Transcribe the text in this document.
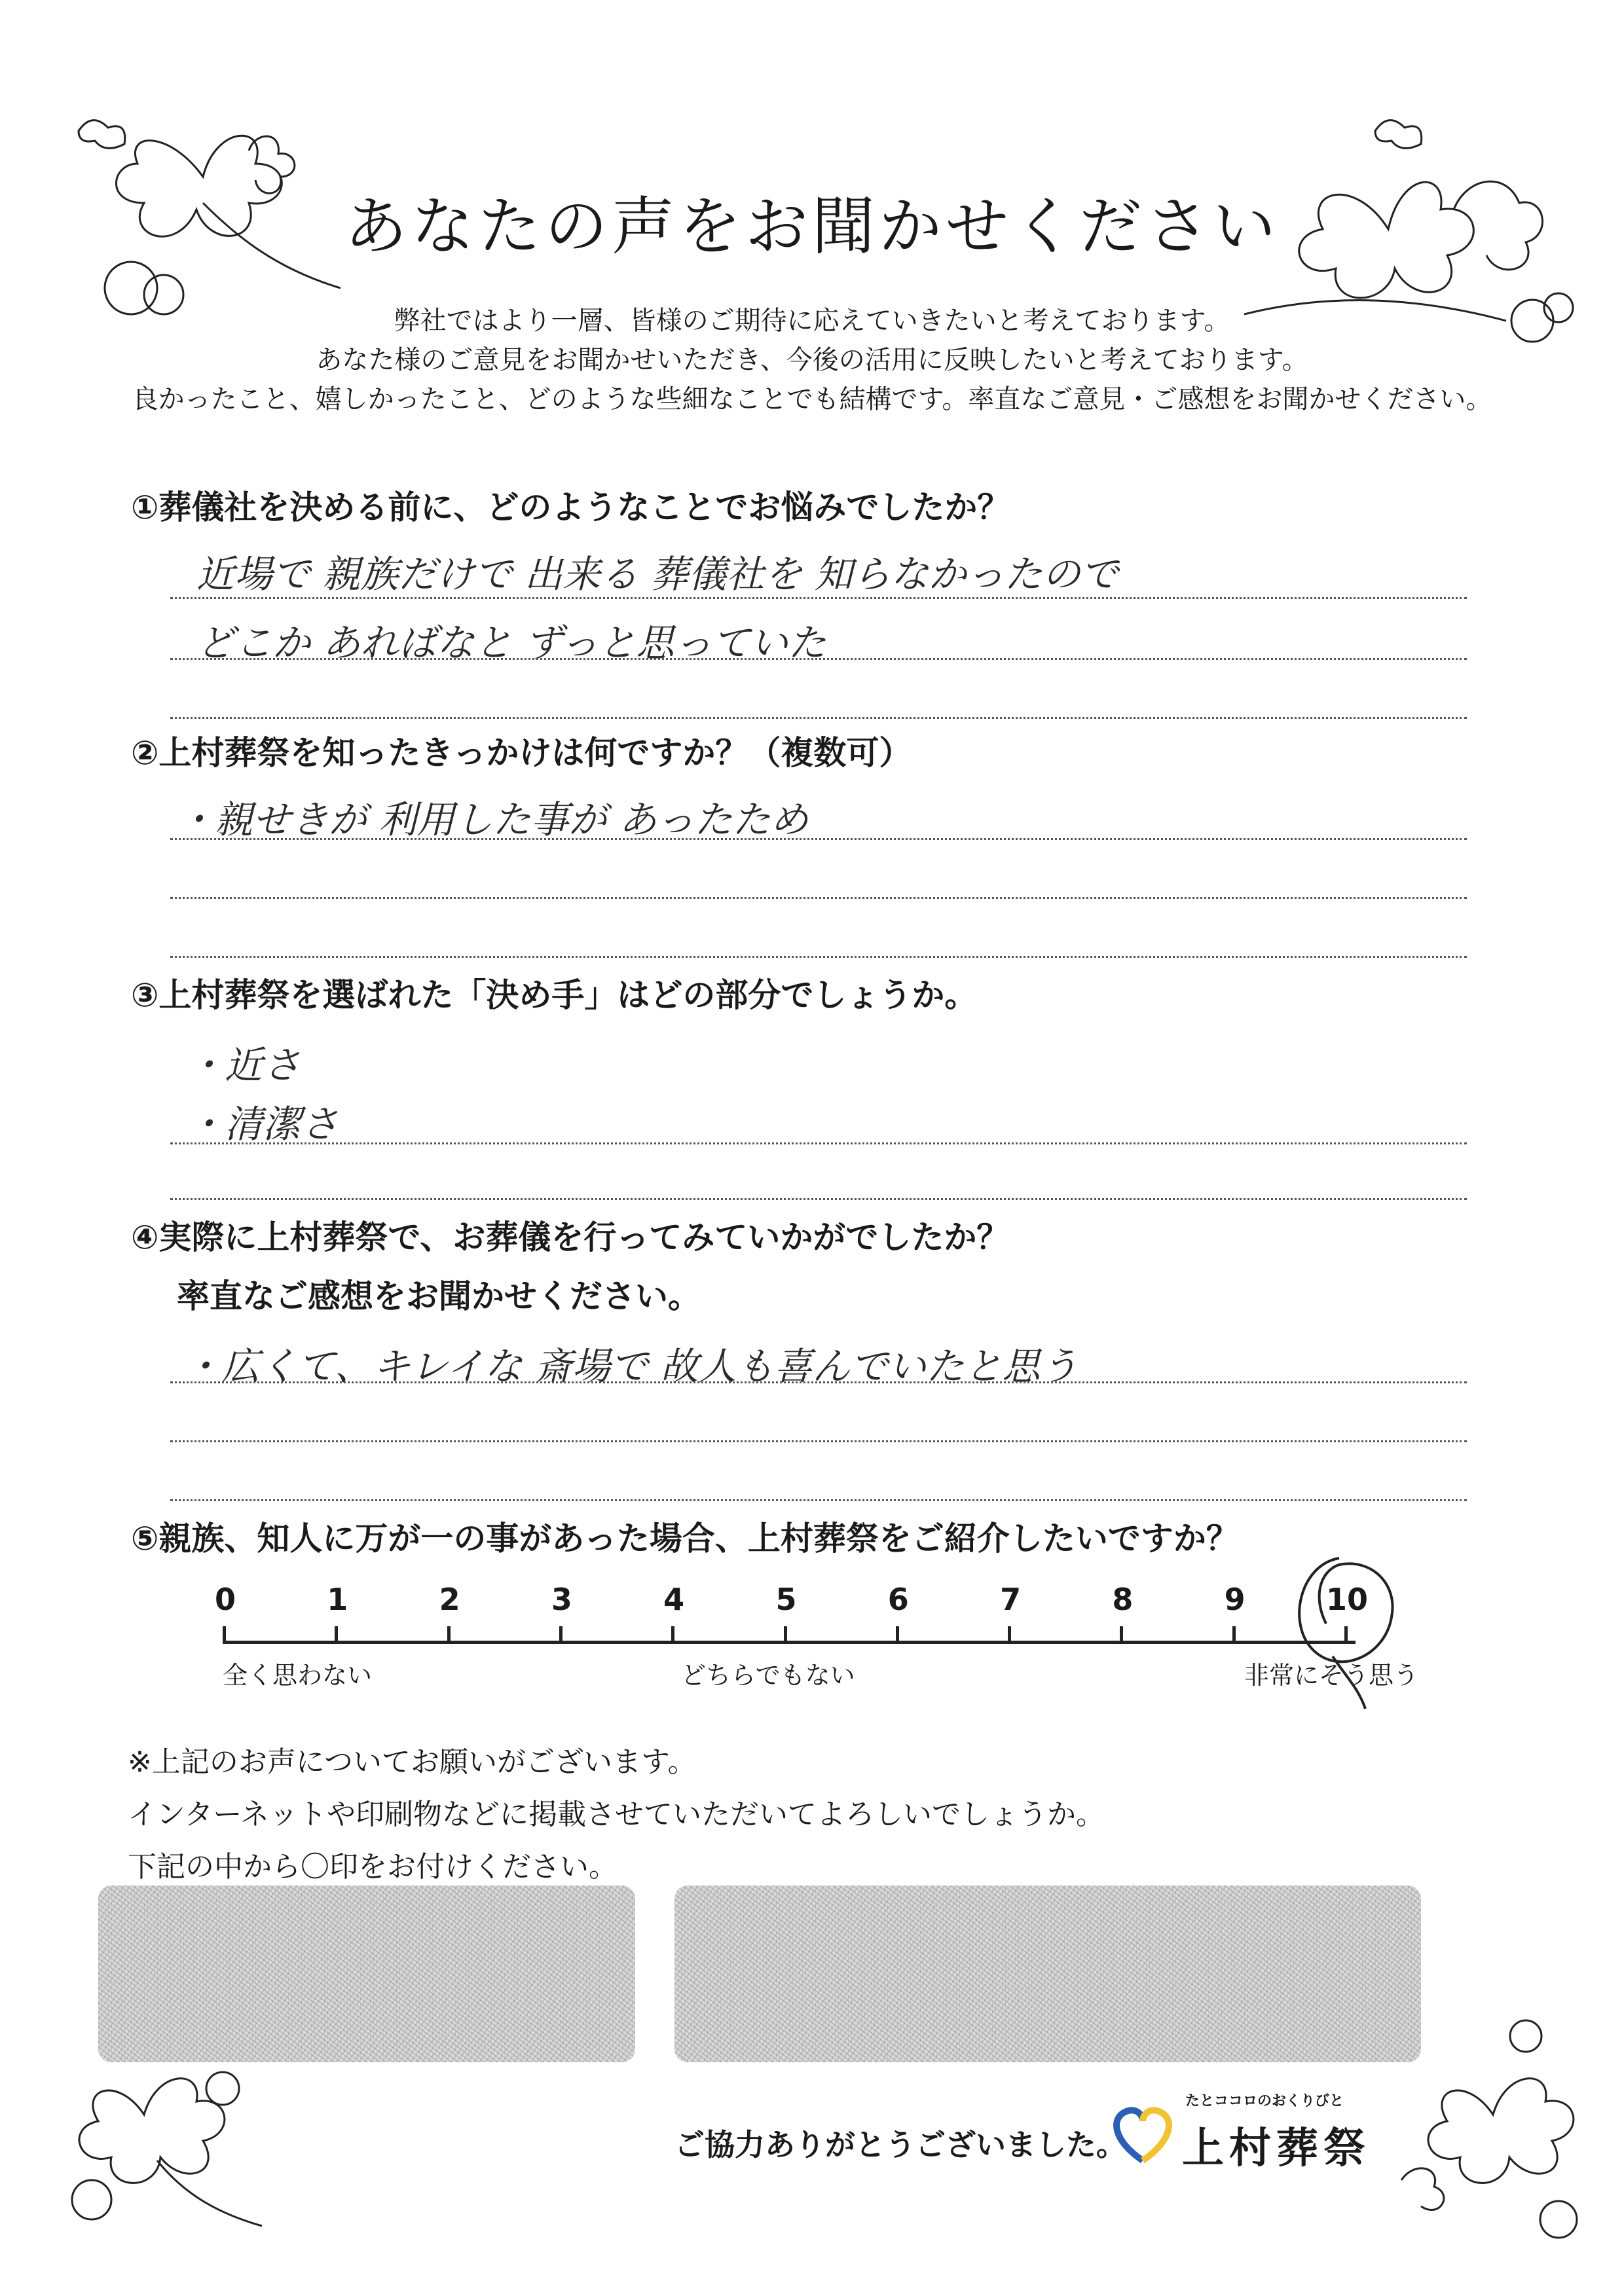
あなたの声をお聞かせください
弊社ではより一層、皆様のご期待に応えていきたいと考えております。
あなた様のご意見をお聞かせいただき、今後の活用に反映したいと考えております。
良かったこと、嬉しかったこと、どのような些細なことでも結構です。率直なご意見・ご感想をお聞かせください。
①葬儀社を決める前に、どのようなことでお悩みでしたか？
近場で 親族だけで 出来る 葬儀社を 知らなかったので
どこか あればなと ずっと思っていた
②上村葬祭を知ったきっかけは何ですか？（複数可）
・親せきが 利用した事が あったため
③上村葬祭を選ばれた「決め手」はどの部分でしょうか。
・近さ
・清潔さ
④実際に上村葬祭で、お葬儀を行ってみていかがでしたか？
率直なご感想をお聞かせください。
・広くて、キレイな 斎場で 故人も喜んでいたと思う
⑤親族、知人に万が一の事があった場合、上村葬祭をご紹介したいですか？
0	1	2	3	4	5	6	7	8	9	10
全く思わない	どちらでもない	非常にそう思う
※上記のお声についてお願いがございます。
インターネットや印刷物などに掲載させていただいてよろしいでしょうか。
下記の中から〇印をお付けください。
ご協力ありがとうございました。
たとココロのおくりびと
上村葬祭
